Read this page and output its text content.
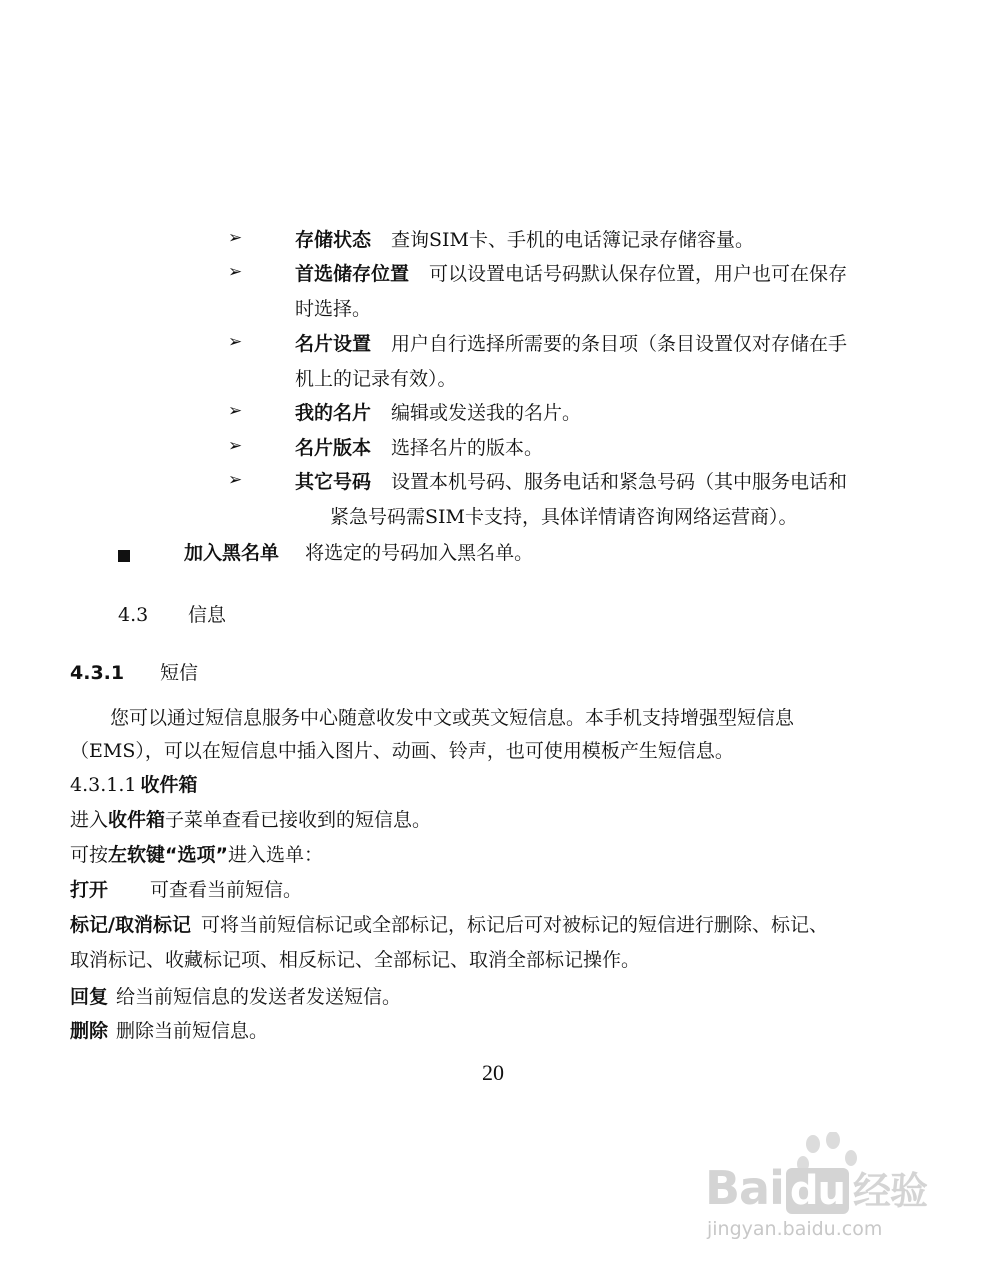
➢	存储状态 查询SIM卡、手机的电话簿记录存储容量。
➢	首选储存位置 可以设置电话号码默认保存位置，用户也可在保存
时选择。
➢	名片设置 用户自行选择所需要的条目项（条目设置仅对存储在手
机上的记录有效）。
➢	我的名片 编辑或发送我的名片。
➢	名片版本 选择名片的版本。
➢	其它号码 设置本机号码、服务电话和紧急号码（其中服务电话和
紧急号码需SIM卡支持，具体详情请咨询网络运营商）。
加入黑名单 将选定的号码加入黑名单。
4.3 信息
4.3.1 短信
您可以通过短信息服务中心随意收发中文或英文短信息。本手机支持增强型短信息
（EMS），可以在短信息中插入图片、动画、铃声，也可使用模板产生短信息。
4.3.1.1 收件箱
进入收件箱子菜单查看已接收到的短信息。
可按左软键“选项”进入选单：
打开 可查看当前短信。
标记/取消标记 可将当前短信标记或全部标记，标记后可对被标记的短信进行删除、标记、
取消标记、收藏标记项、相反标记、全部标记、取消全部标记操作。
回复 给当前短信息的发送者发送短信。
删除 删除当前短信息。
20
Bai du 经验
jingyan.baidu.com
